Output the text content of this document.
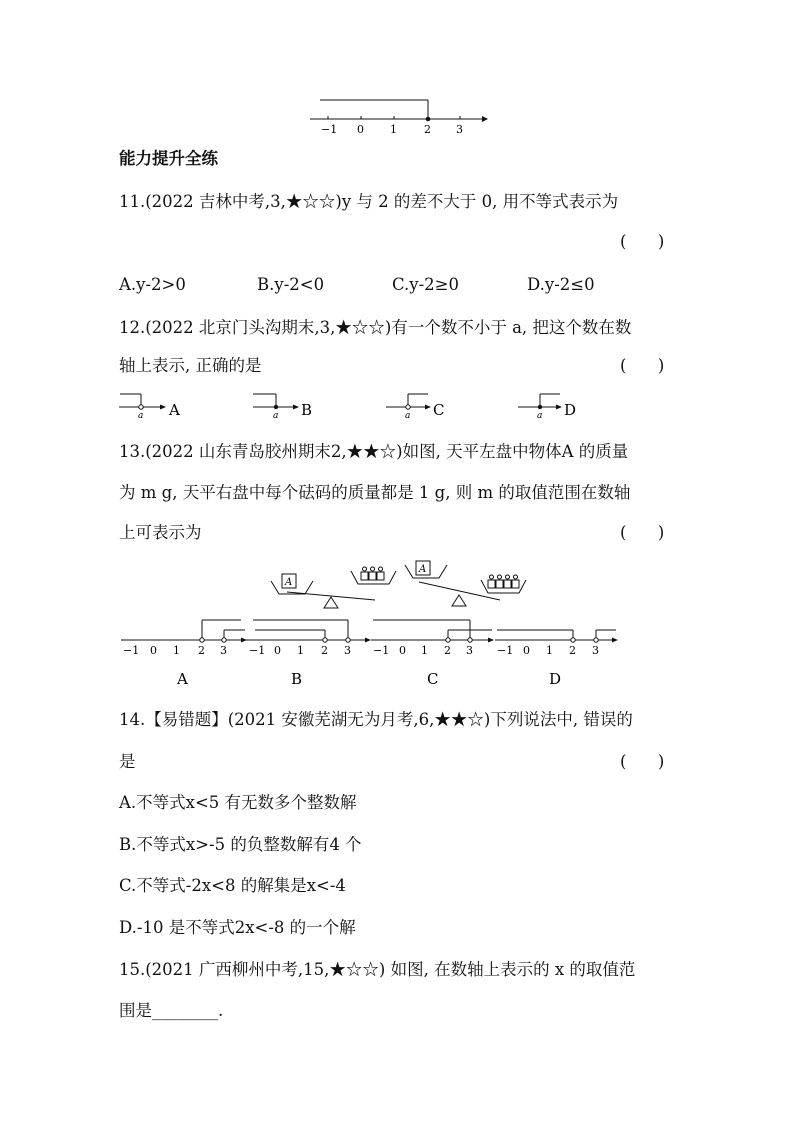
−1 0 1 2 3
能力提升全练
11.(2022 吉林中考,3,★☆☆)y 与 2 的差不大于 0, 用不等式表示为
(      )
A.y-2>0	B.y-2<0	C.y-2≥0	D.y-2≤0
12.(2022 北京门头沟期末,3,★☆☆)有一个数不小于 a, 把这个数在数
轴上表示, 正确的是	(      )
a A	a B	a C	a D
13.(2022 山东青岛胶州期末2,★★☆)如图, 天平左盘中物体A 的质量
为 m g, 天平右盘中每个砝码的质量都是 1 g, 则 m 的取值范围在数轴
上可表示为	(      )
A
A
−1 0 1 2 3
A
−1 0 1 2 3
B
−1 0 1 2 3
C
−1 0 1 2 3
D
14.【易错题】(2021 安徽芜湖无为月考,6,★★☆)下列说法中, 错误的
是	(      )
A.不等式x<5 有无数多个整数解
B.不等式x>-5 的负整数解有4 个
C.不等式-2x<8 的解集是x<-4
D.-10 是不等式2x<-8 的一个解
15.(2021 广西柳州中考,15,★☆☆) 如图, 在数轴上表示的 x 的取值范
围是________.
